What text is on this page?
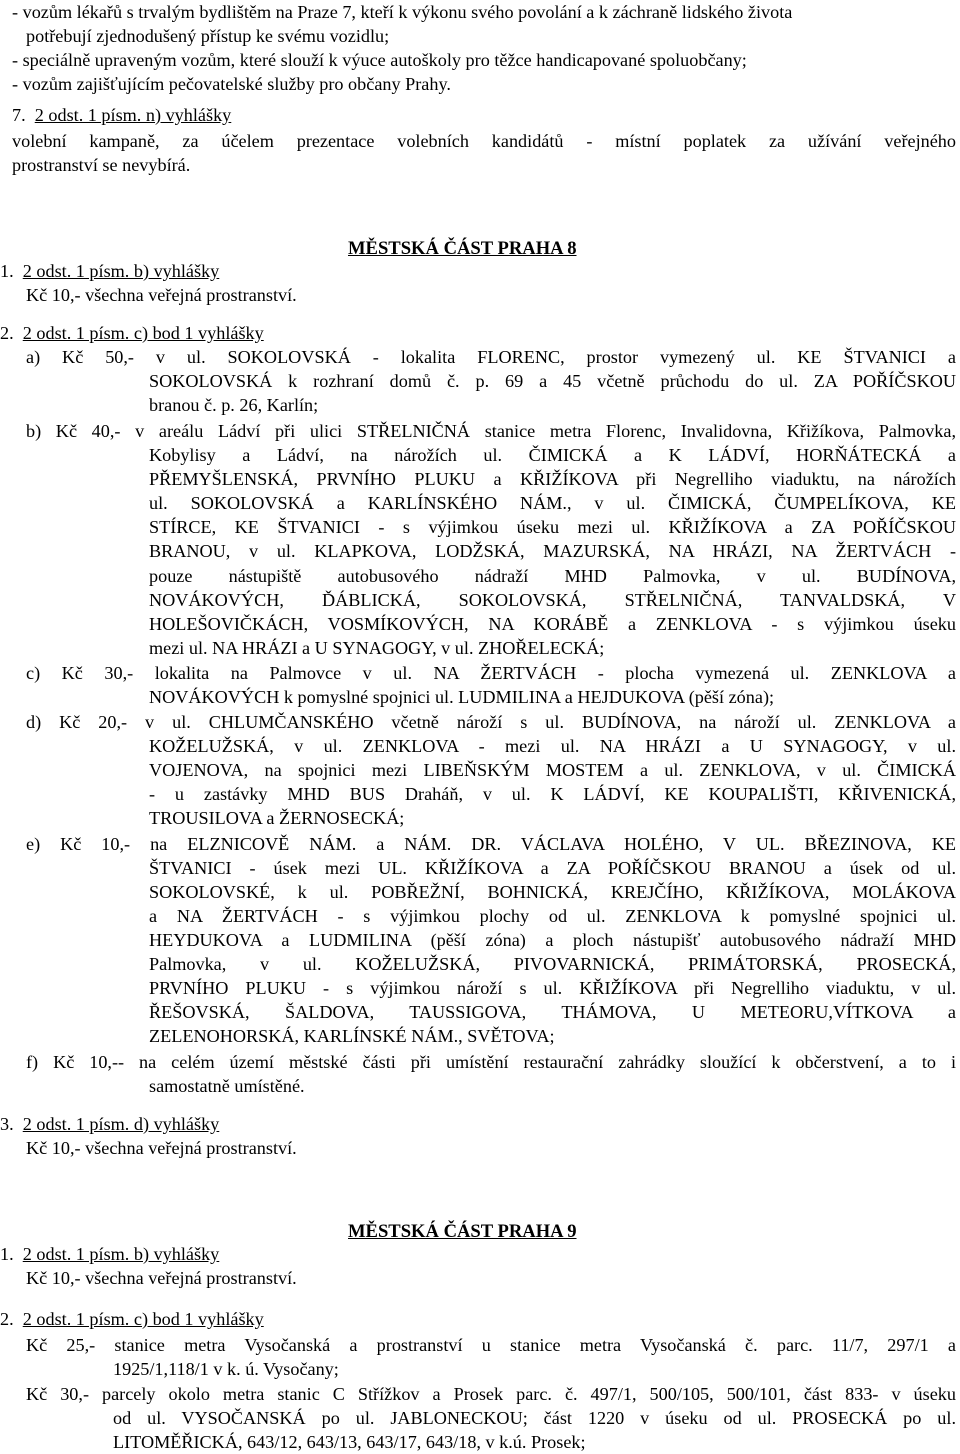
- vozům lékařů s trvalým bydlištěm na Praze 7, kteří k výkonu svého povolání a k záchraně lidského života
potřebují zjednodušený přístup ke svému vozidlu;
- speciálně upraveným vozům, které slouží k výuce autoškoly pro těžce handicapované spoluobčany;
- vozům zajišťujícím pečovatelské služby pro občany Prahy.
7. 2 odst. 1 písm. n) vyhlášky
volební kampaně, za účelem prezentace volebních kandidátů - místní poplatek za užívání veřejného
prostranství se nevybírá.
MĚSTSKÁ ČÁST PRAHA 8
1. 2 odst. 1 písm. b) vyhlášky
Kč 10,- všechna veřejná prostranství.
2. 2 odst. 1 písm. c) bod 1 vyhlášky
a) Kč 50,- v ul. SOKOLOVSKÁ - lokalita FLORENC, prostor vymezený ul. KE ŠTVANICI a
SOKOLOVSKÁ k rozhraní domů č. p. 69 a 45 včetně průchodu do ul. ZA POŘÍČSKOU
branou č. p. 26, Karlín;
b) Kč 40,- v areálu Ládví při ulici STŘELNIČNÁ stanice metra Florenc, Invalidovna, Křižíkova, Palmovka,
Kobylisy a Ládví, na nárožích ul. ČIMICKÁ a K LÁDVÍ, HORŇÁTECKÁ a
PŘEMYŠLENSKÁ, PRVNÍHO PLUKU a KŘIŽÍKOVA při Negrelliho viaduktu, na nárožích
ul. SOKOLOVSKÁ a KARLÍNSKÉHO NÁM., v ul. ČIMICKÁ, ČUMPELÍKOVA, KE
STÍRCE, KE ŠTVANICI - s výjimkou úseku mezi ul. KŘIŽÍKOVA a ZA POŘÍČSKOU
BRANOU, v ul. KLAPKOVA, LODŽSKÁ, MAZURSKÁ, NA HRÁZI, NA ŽERTVÁCH -
pouze nástupiště autobusového nádraží MHD Palmovka, v ul. BUDÍNOVA,
NOVÁKOVÝCH, ĎÁBLICKÁ, SOKOLOVSKÁ, STŘELNIČNÁ, TANVALDSKÁ, V
HOLEŠOVIČKÁCH, VOSMÍKOVÝCH, NA KORÁBĚ a ZENKLOVA - s výjimkou úseku
mezi ul. NA HRÁZI a U SYNAGOGY, v ul. ZHOŘELECKÁ;
c) Kč 30,- lokalita na Palmovce v ul. NA ŽERTVÁCH - plocha vymezená ul. ZENKLOVA a
NOVÁKOVÝCH k pomyslné spojnici ul. LUDMILINA a HEJDUKOVA (pěší zóna);
d) Kč 20,- v ul. CHLUMČANSKÉHO včetně nároží s ul. BUDÍNOVA, na nároží ul. ZENKLOVA a
KOŽELUŽSKÁ, v ul. ZENKLOVA - mezi ul. NA HRÁZI a U SYNAGOGY, v ul.
VOJENOVA, na spojnici mezi LIBEŇSKÝM MOSTEM a ul. ZENKLOVA, v ul. ČIMICKÁ
- u zastávky MHD BUS Draháň, v ul. K LÁDVÍ, KE KOUPALIŠTI, KŘIVENICKÁ,
TROUSILOVA a ŽERNOSECKÁ;
e) Kč 10,- na ELZNICOVĚ NÁM. a NÁM. DR. VÁCLAVA HOLÉHO, V UL. BŘEZINOVA, KE
ŠTVANICI - úsek mezi UL. KŘIŽÍKOVA a ZA POŘÍČSKOU BRANOU a úsek od ul.
SOKOLOVSKÉ, k ul. POBŘEŽNÍ, BOHNICKÁ, KREJČÍHO, KŘIŽÍKOVA, MOLÁKOVA
a NA ŽERTVÁCH - s výjimkou plochy od ul. ZENKLOVA k pomyslné spojnici ul.
HEYDUKOVA a LUDMILINA (pěší zóna) a ploch nástupišť autobusového nádraží MHD
Palmovka, v ul. KOŽELUŽSKÁ, PIVOVARNICKÁ, PRIMÁTORSKÁ, PROSECKÁ,
PRVNÍHO PLUKU - s výjimkou nároží s ul. KŘIŽÍKOVA při Negrelliho viaduktu, v ul.
ŘEŠOVSKÁ, ŠALDOVA, TAUSSIGOVA, THÁMOVA, U METEORU,VÍTKOVA a
ZELENOHORSKÁ, KARLÍNSKÉ NÁM., SVĚTOVA;
f) Kč 10,-- na celém území městské části při umístění restaurační zahrádky sloužící k občerstvení, a to i
samostatně umístěné.
3. 2 odst. 1 písm. d) vyhlášky
Kč 10,- všechna veřejná prostranství.
MĚSTSKÁ ČÁST PRAHA 9
1. 2 odst. 1 písm. b) vyhlášky
Kč 10,- všechna veřejná prostranství.
2. 2 odst. 1 písm. c) bod 1 vyhlášky
Kč 25,- stanice metra Vysočanská a prostranství u stanice metra Vysočanská č. parc. 11/7, 297/1 a
1925/1,118/1 v k. ú. Vysočany;
Kč 30,- parcely okolo metra stanic C Střížkov a Prosek parc. č. 497/1, 500/105, 500/101, část 833- v úseku
od ul. VYSOČANSKÁ po ul. JABLONECKOU; část 1220 v úseku od ul. PROSECKÁ po ul.
LITOMĚŘICKÁ, 643/12, 643/13, 643/17, 643/18, v k.ú. Prosek;
